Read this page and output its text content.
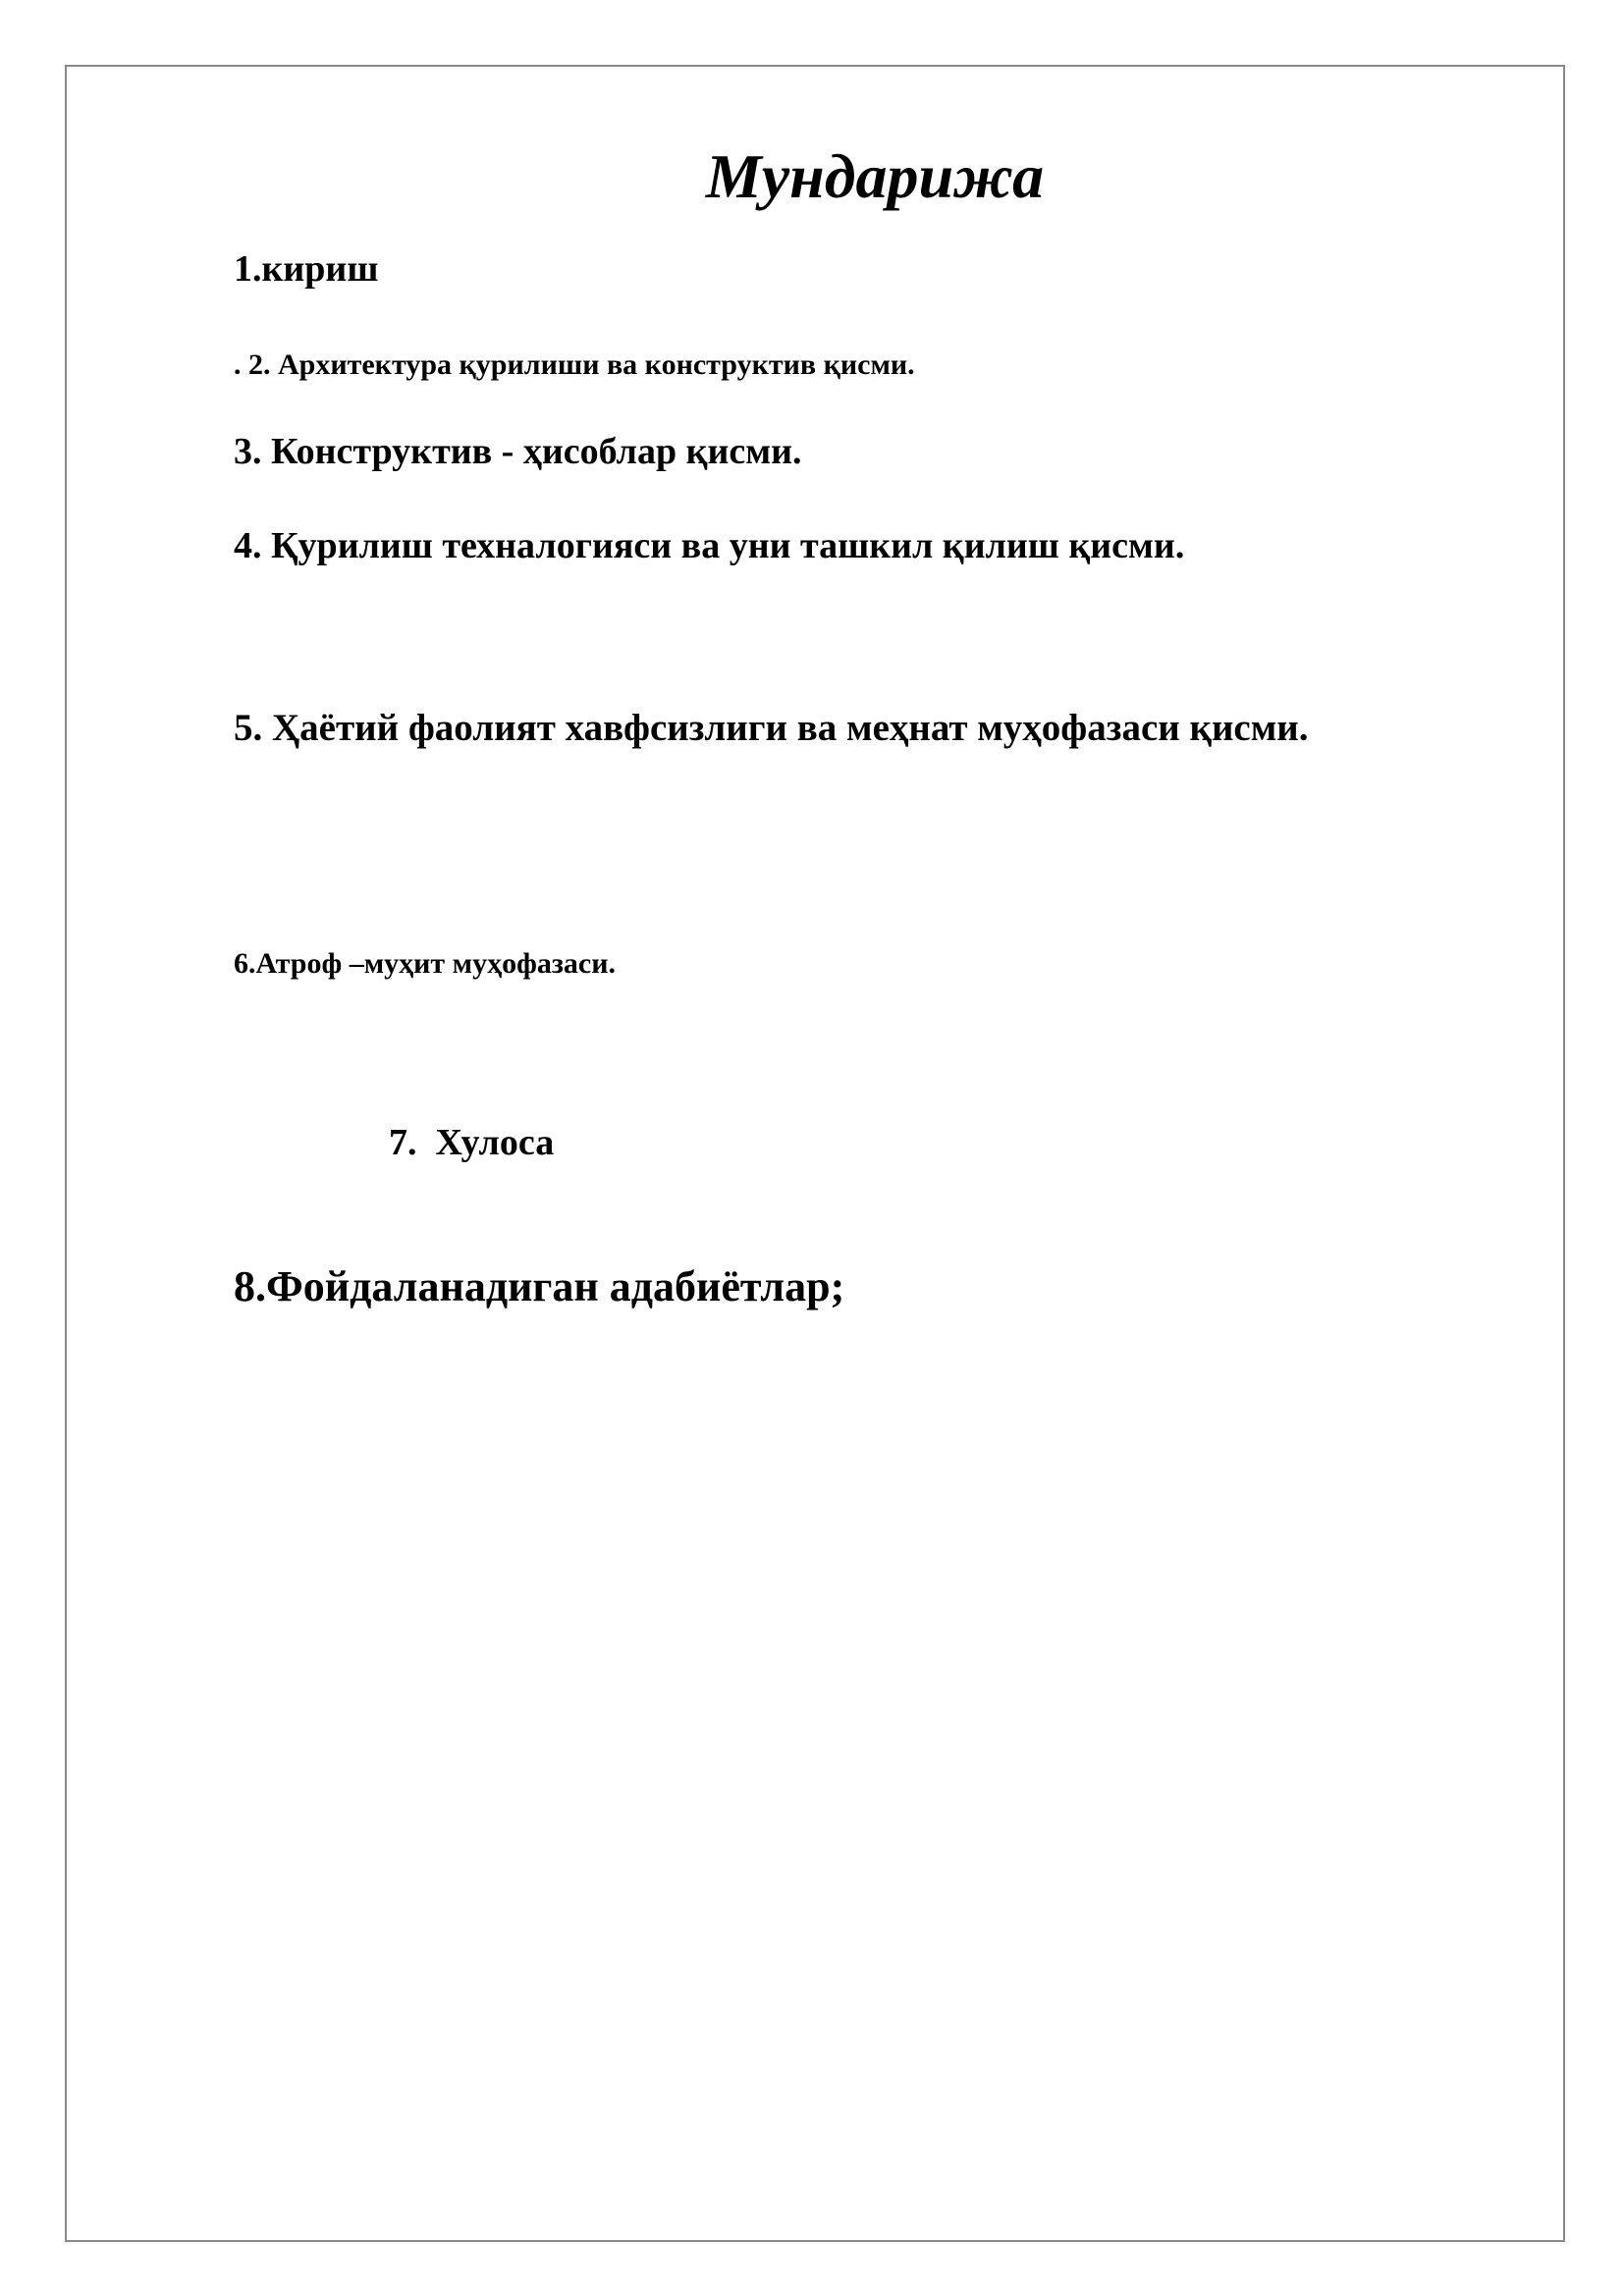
Мундарижа

1.кириш

. 2. Архитектура қурилиши ва конструктив қисми.

3. Конструктив - ҳисоблар қисми.

4. Қурилиш техналогияси ва уни ташкил қилиш қисми.

5. Ҳаётий фаолият хавфсизлиги ва меҳнат муҳофазаси қисми.

6.Атроф –муҳит муҳофазаси.

7.  Хулоса

8.Фойдаланадиган адабиётлар;
